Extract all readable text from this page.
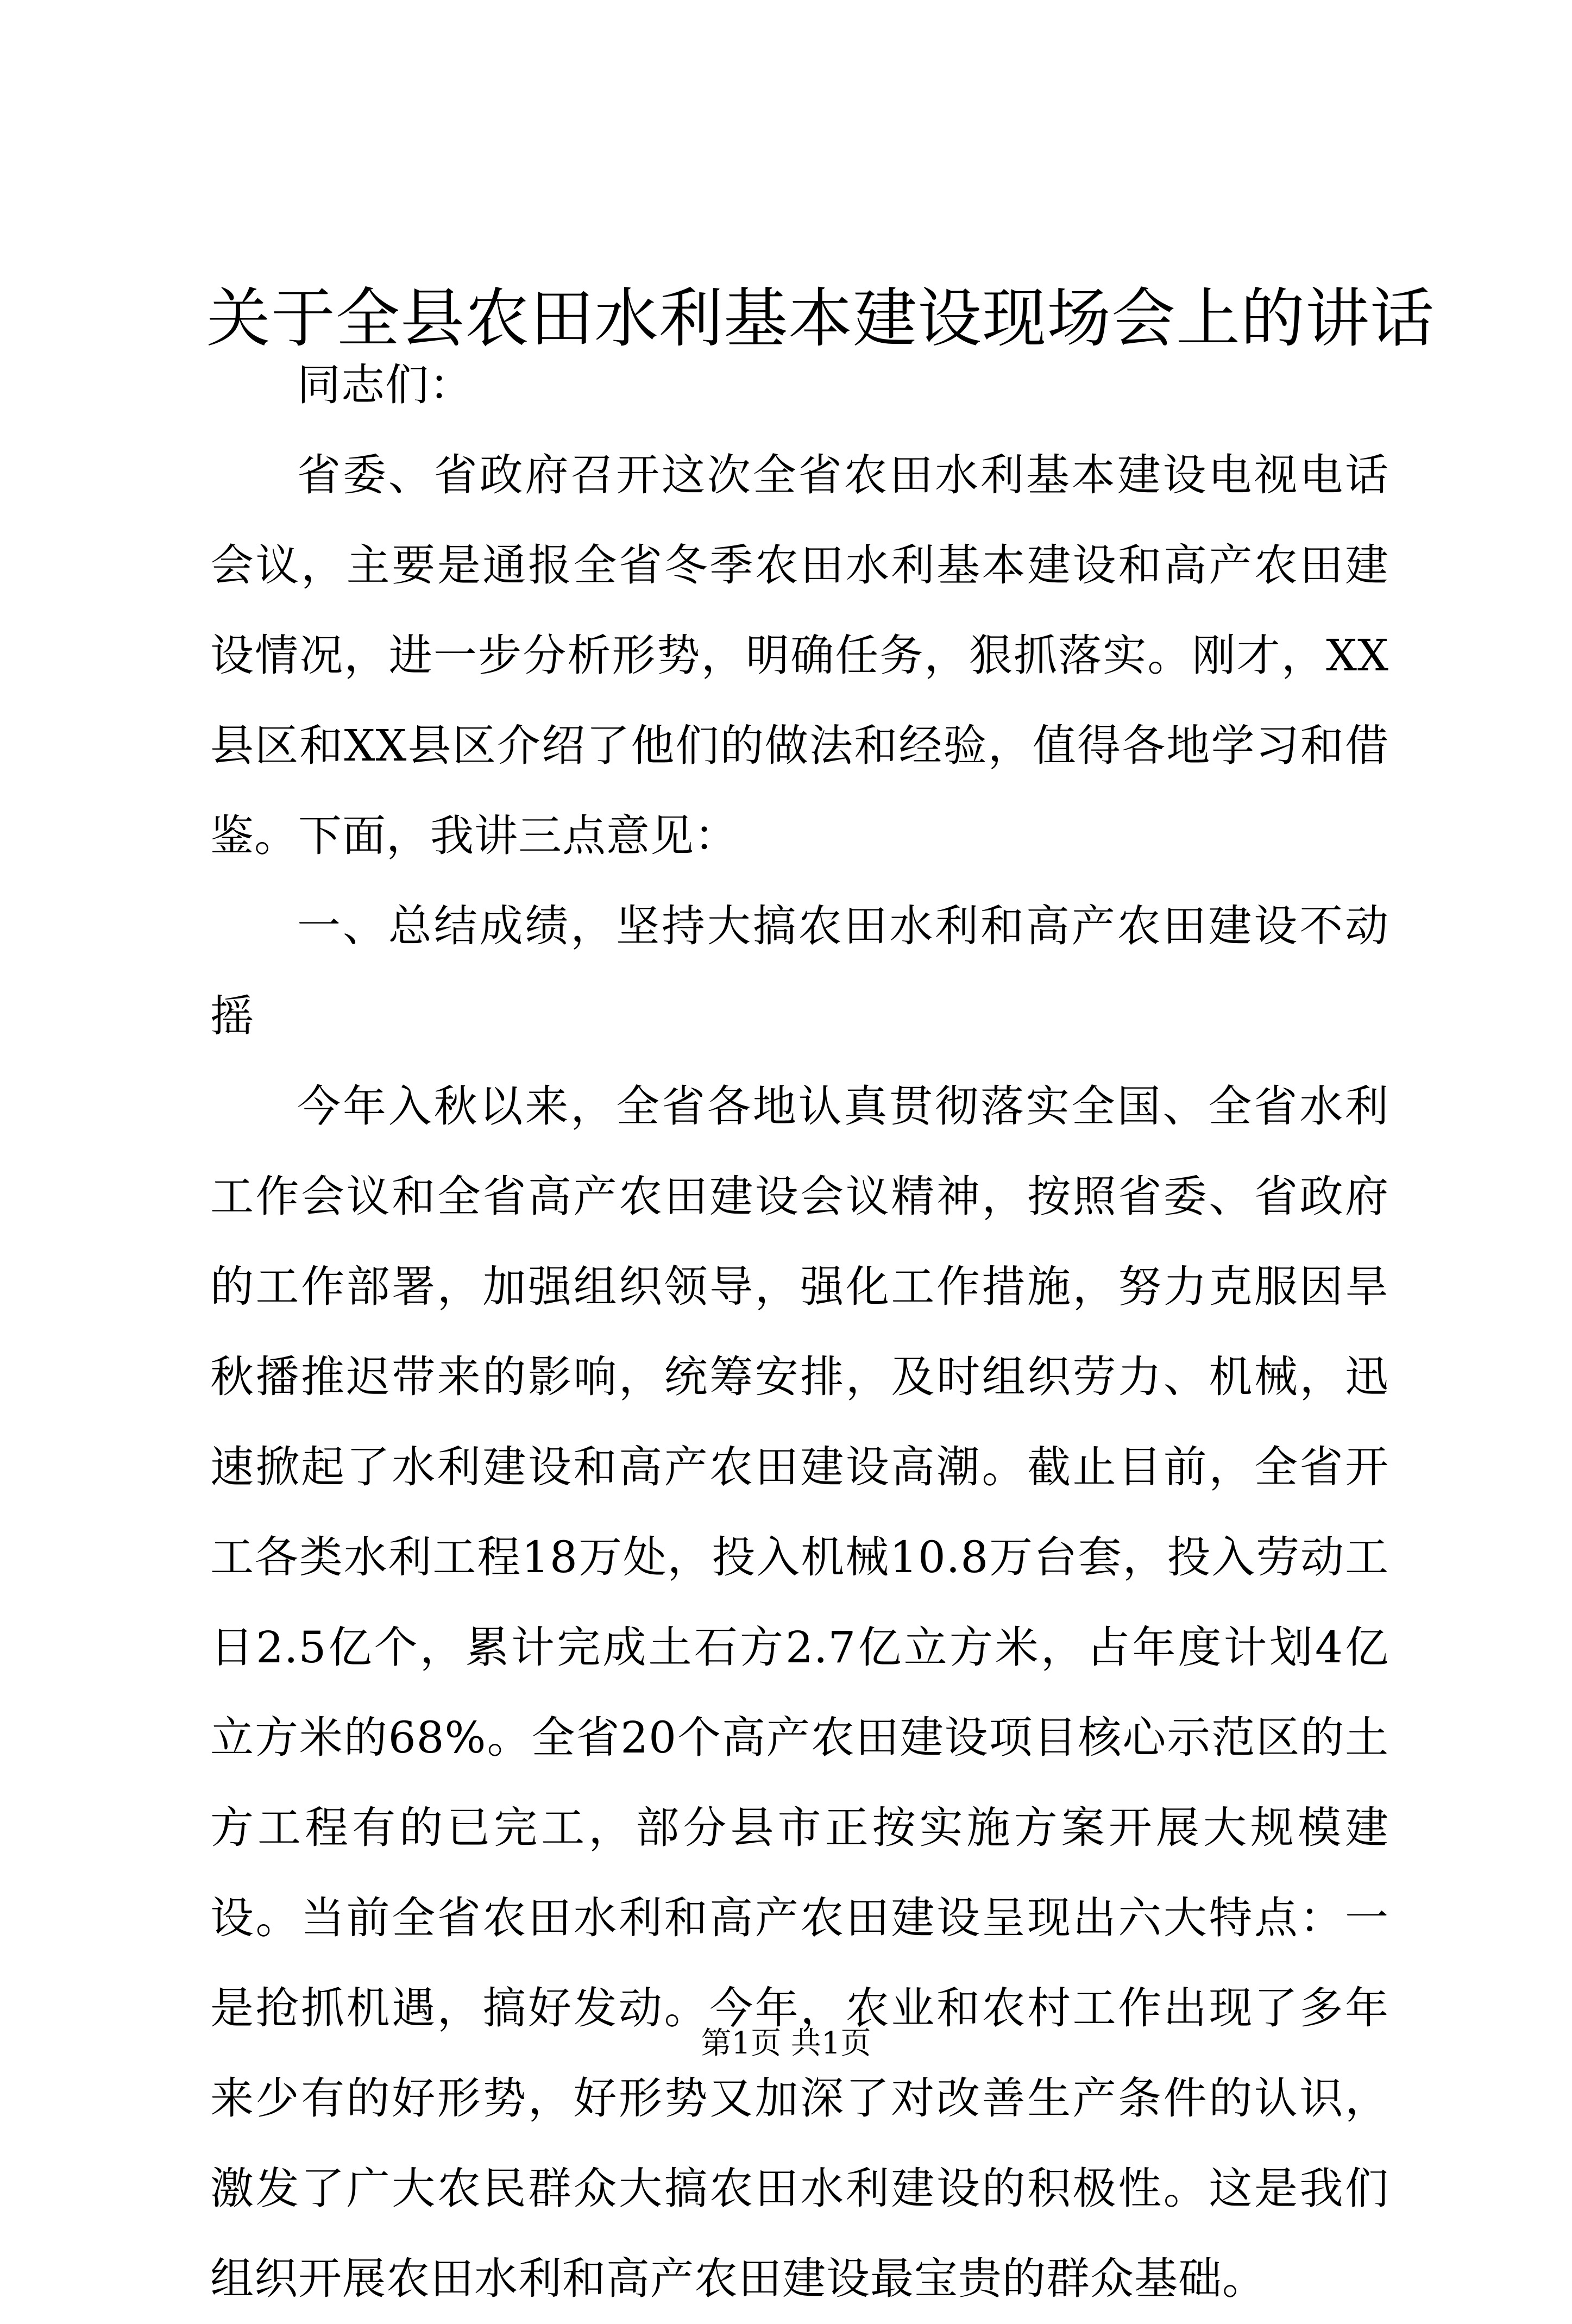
关于全县农田水利基本建设现场会上的讲话

同志们：

省委、省政府召开这次全省农田水利基本建设电视电话会议，主要是通报全省冬季农田水利基本建设和高产农田建设情况，进一步分析形势，明确任务，狠抓落实。刚才，XX县区和XX县区介绍了他们的做法和经验，值得各地学习和借鉴。下面，我讲三点意见：

一、总结成绩，坚持大搞农田水利和高产农田建设不动摇

今年入秋以来，全省各地认真贯彻落实全国、全省水利工作会议和全省高产农田建设会议精神，按照省委、省政府的工作部署，加强组织领导，强化工作措施，努力克服因旱秋播推迟带来的影响，统筹安排，及时组织劳力、机械，迅速掀起了水利建设和高产农田建设高潮。截止目前，全省开工各类水利工程18万处，投入机械10.8万台套，投入劳动工日2.5亿个，累计完成土石方2.7亿立方米，占年度计划4亿立方米的68%。全省20个高产农田建设项目核心示范区的土方工程有的已完工，部分县市正按实施方案开展大规模建设。当前全省农田水利和高产农田建设呈现出六大特点：一是抢抓机遇，搞好发动。今年，农业和农村工作出现了多年来少有的好形势，好形势又加深了对改善生产条件的认识，激发了广大农民群众大搞农田水利建设的积极性。这是我们组织开展农田水利和高产农田建设最宝贵的群众基础。

第1页 共1页
